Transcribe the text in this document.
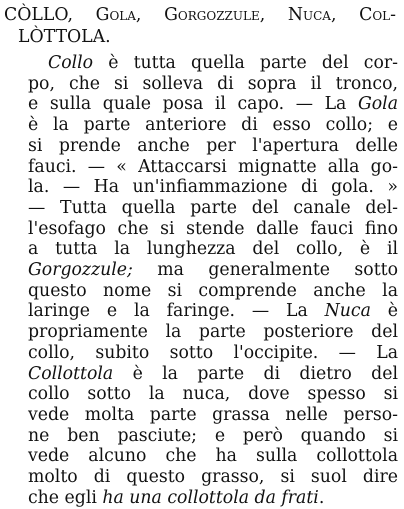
CÒLLO, Gola, Gorgozzule, Nuca, Col-
LÒTTOLA.
Collo è tutta quella parte del cor-
po, che si solleva di sopra il tronco,
e sulla quale posa il capo. — La Gola
è la parte anteriore di esso collo; e
si prende anche per l'apertura delle
fauci. — « Attaccarsi mignatte alla go-
la. — Ha un'infiammazione di gola. »
— Tutta quella parte del canale del-
l'esofago che si stende dalle fauci fino
a tutta la lunghezza del collo, è il
Gorgozzule; ma generalmente sotto
questo nome si comprende anche la
laringe e la faringe. — La Nuca è
propriamente la parte posteriore del
collo, subito sotto l'occipite. — La
Collottola è la parte di dietro del
collo sotto la nuca, dove spesso si
vede molta parte grassa nelle perso-
ne ben pasciute; e però quando si
vede alcuno che ha sulla collottola
molto di questo grasso, si suol dire
che egli ha una collottola da frati.
